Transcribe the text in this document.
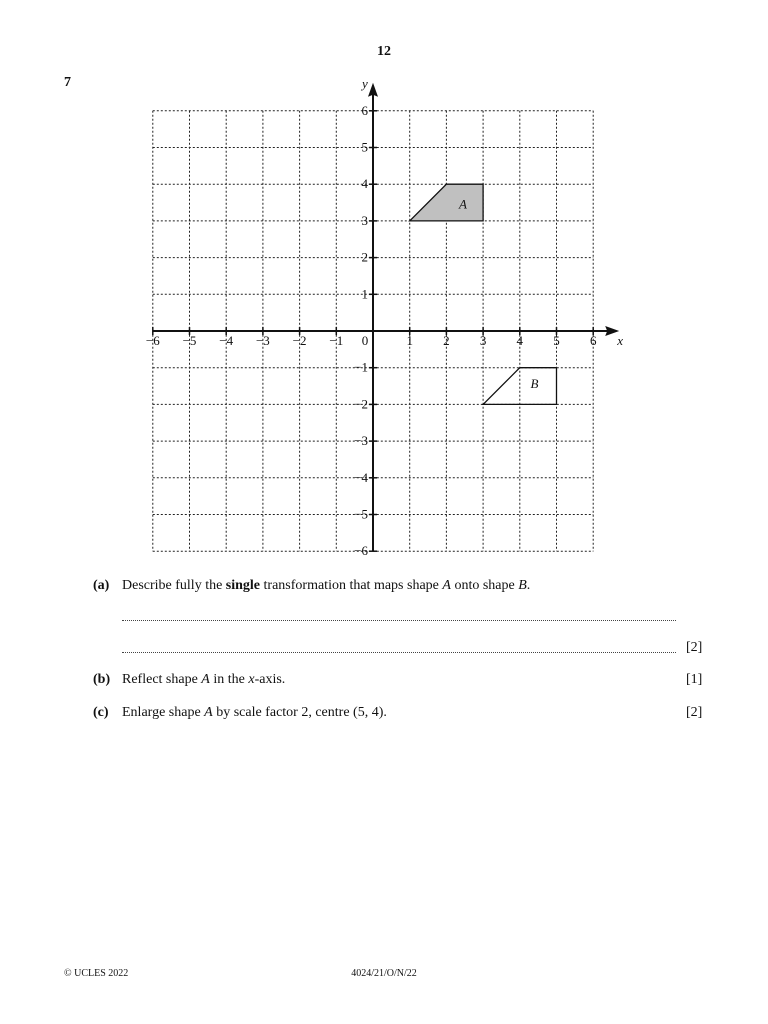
12
7
x
y
−6 −5 −4 −3 −2 −1	1 2 3 4 5 6
0
6
5
4
3
2
1
−1
−2
−3
−4
−5
−6
A
B
(a) Describe fully the single transformation that maps shape A onto shape B.
[2]
(b) Reflect shape A in the x-axis.	[1]
(c) Enlarge shape A by scale factor 2, centre (5, 4).	[2]
© UCLES 2022	4024/21/O/N/22
